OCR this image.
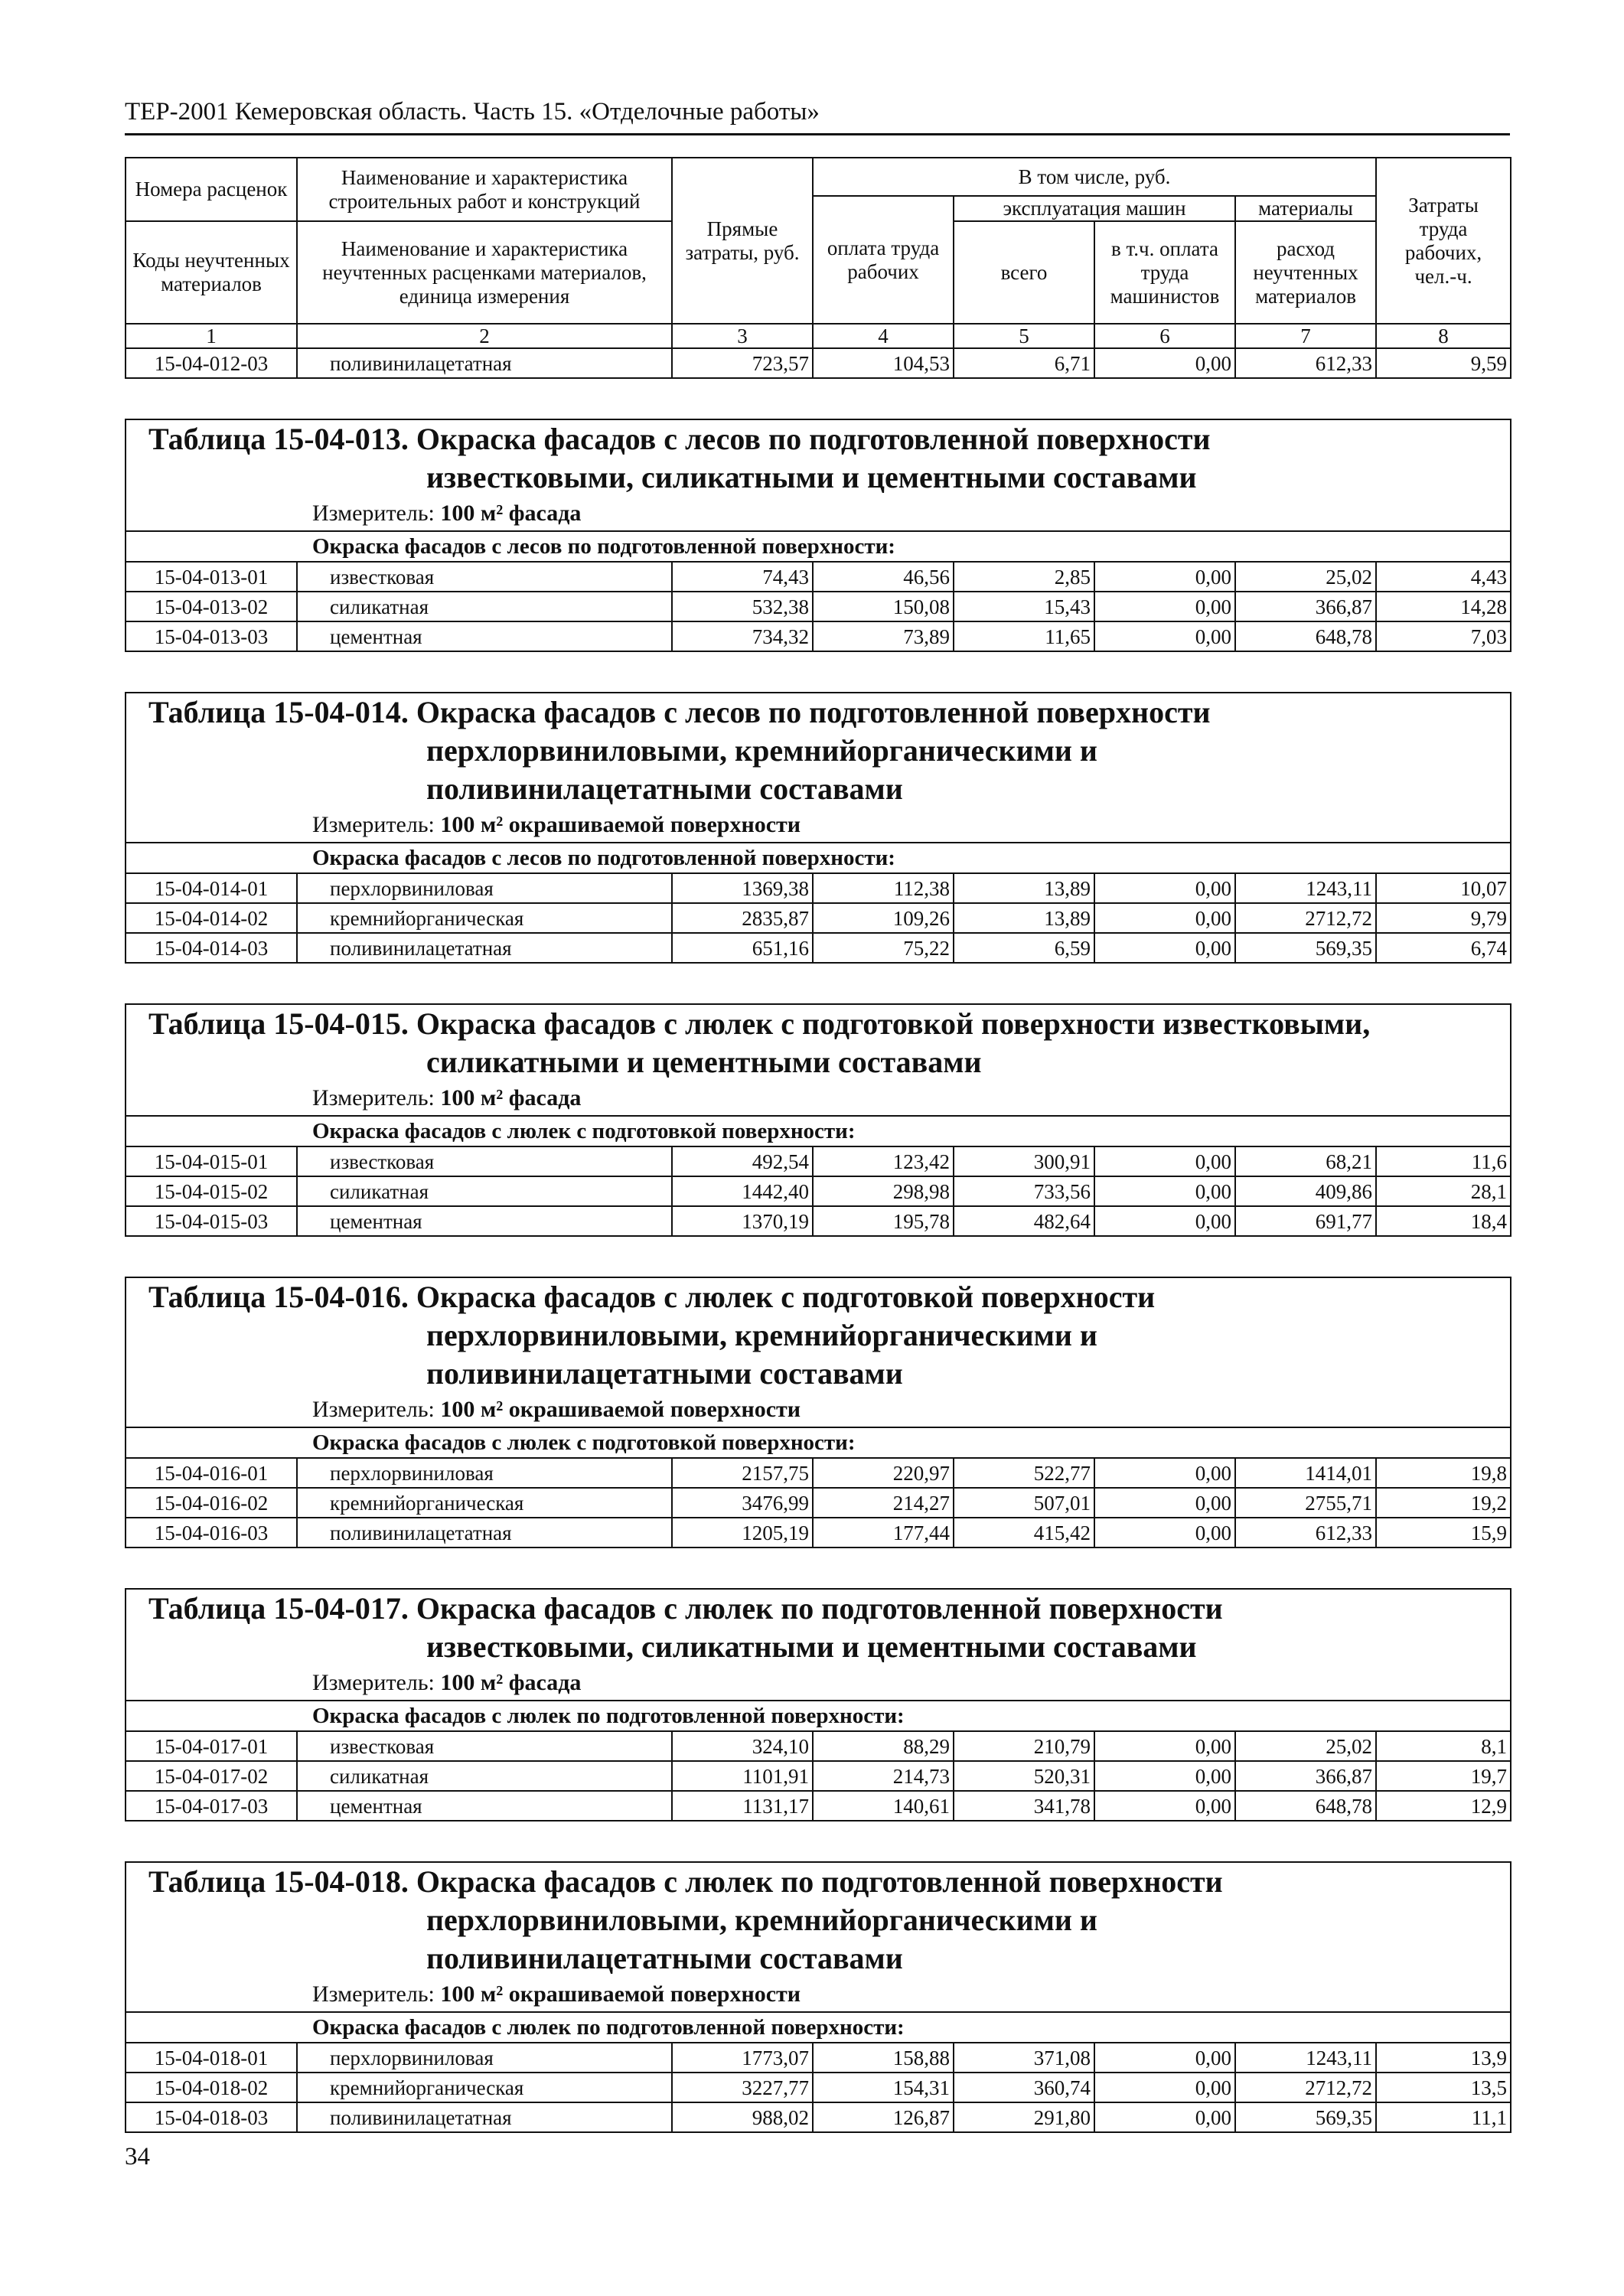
ТЕР-2001 Кемеровская область. Часть 15. «Отделочные работы»
Номера расценок	Наименование и характеристика строительных работ и конструкций	Прямые затраты, руб.	В том числе, руб.				Затраты труда рабочих, чел.-ч.
			оплата труда рабочих	эксплуатация машин		материалы	
Коды неучтенных материалов	Наименование и характеристика неучтенных расценками материалов, единица измерения			всего	в т.ч. оплата труда машинистов	расход неучтенных материалов	
1	2	3	4	5	6	7	8
15-04-012-03	поливинилацетатная	723,57	104,53	6,71	0,00	612,33	9,59

Таблица 15-04-013. Окраска фасадов с лесов по подготовленной поверхности
известковыми, силикатными и цементными составами							

Измеритель: 100 м² фасада							
Окраска фасадов с лесов по подготовленной поверхности:							
15-04-013-01	известковая	74,43	46,56	2,85	0,00	25,02	4,43
15-04-013-02	силикатная	532,38	150,08	15,43	0,00	366,87	14,28
15-04-013-03	цементная	734,32	73,89	11,65	0,00	648,78	7,03

Таблица 15-04-014. Окраска фасадов с лесов по подготовленной поверхности
перхлорвиниловыми, кремнийорганическими и
поливинилацетатными составами							

Измеритель: 100 м² окрашиваемой поверхности							
Окраска фасадов с лесов по подготовленной поверхности:							
15-04-014-01	перхлорвиниловая	1369,38	112,38	13,89	0,00	1243,11	10,07
15-04-014-02	кремнийорганическая	2835,87	109,26	13,89	0,00	2712,72	9,79
15-04-014-03	поливинилацетатная	651,16	75,22	6,59	0,00	569,35	6,74

Таблица 15-04-015. Окраска фасадов с люлек с подготовкой поверхности известковыми,
силикатными и цементными составами							

Измеритель: 100 м² фасада							
Окраска фасадов с люлек с подготовкой поверхности:							
15-04-015-01	известковая	492,54	123,42	300,91	0,00	68,21	11,6
15-04-015-02	силикатная	1442,40	298,98	733,56	0,00	409,86	28,1
15-04-015-03	цементная	1370,19	195,78	482,64	0,00	691,77	18,4

Таблица 15-04-016. Окраска фасадов с люлек с подготовкой поверхности
перхлорвиниловыми, кремнийорганическими и
поливинилацетатными составами							

Измеритель: 100 м² окрашиваемой поверхности							
Окраска фасадов с люлек с подготовкой поверхности:							
15-04-016-01	перхлорвиниловая	2157,75	220,97	522,77	0,00	1414,01	19,8
15-04-016-02	кремнийорганическая	3476,99	214,27	507,01	0,00	2755,71	19,2
15-04-016-03	поливинилацетатная	1205,19	177,44	415,42	0,00	612,33	15,9

Таблица 15-04-017. Окраска фасадов с люлек по подготовленной поверхности
известковыми, силикатными и цементными составами							

Измеритель: 100 м² фасада							
Окраска фасадов с люлек по подготовленной поверхности:							
15-04-017-01	известковая	324,10	88,29	210,79	0,00	25,02	8,1
15-04-017-02	силикатная	1101,91	214,73	520,31	0,00	366,87	19,7
15-04-017-03	цементная	1131,17	140,61	341,78	0,00	648,78	12,9

Таблица 15-04-018. Окраска фасадов с люлек по подготовленной поверхности
перхлорвиниловыми, кремнийорганическими и
поливинилацетатными составами							

Измеритель: 100 м² окрашиваемой поверхности							
Окраска фасадов с люлек по подготовленной поверхности:							
15-04-018-01	перхлорвиниловая	1773,07	158,88	371,08	0,00	1243,11	13,9
15-04-018-02	кремнийорганическая	3227,77	154,31	360,74	0,00	2712,72	13,5
15-04-018-03	поливинилацетатная	988,02	126,87	291,80	0,00	569,35	11,1
34
